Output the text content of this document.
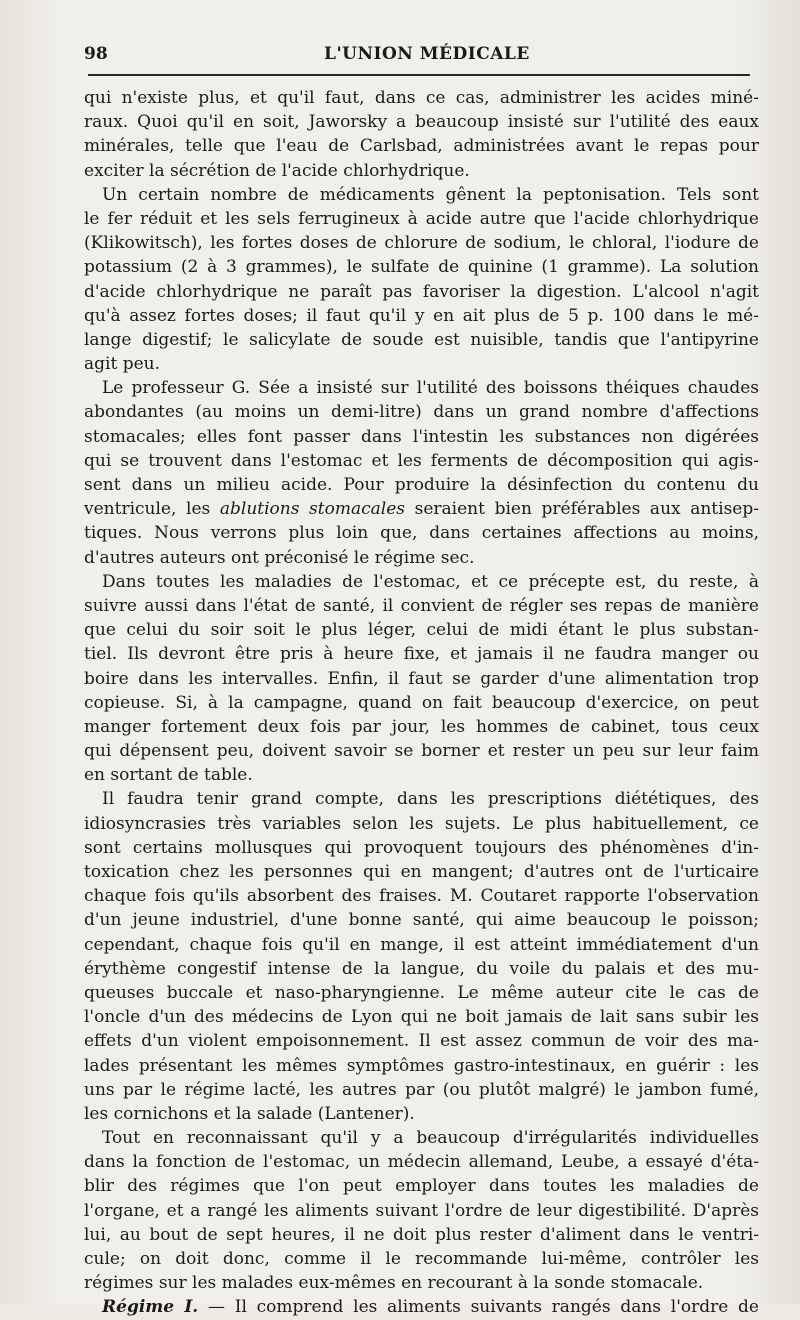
98	L'UNION MÉDICALE
qui n'existe plus, et qu'il faut, dans ce cas, administrer les acides miné-
raux. Quoi qu'il en soit, Jaworsky a beaucoup insisté sur l'utilité des eaux
minérales, telle que l'eau de Carlsbad, administrées avant le repas pour
exciter la sécrétion de l'acide chlorhydrique.
Un certain nombre de médicaments gênent la peptonisation. Tels sont
le fer réduit et les sels ferrugineux à acide autre que l'acide chlorhydrique
(Klikowitsch), les fortes doses de chlorure de sodium, le chloral, l'iodure de
potassium (2 à 3 grammes), le sulfate de quinine (1 gramme). La solution
d'acide chlorhydrique ne paraît pas favoriser la digestion. L'alcool n'agit
qu'à assez fortes doses; il faut qu'il y en ait plus de 5 p. 100 dans le mé-
lange digestif; le salicylate de soude est nuisible, tandis que l'antipyrine
agit peu.
Le professeur G. Sée a insisté sur l'utilité des boissons théiques chaudes
abondantes (au moins un demi-litre) dans un grand nombre d'affections
stomacales; elles font passer dans l'intestin les substances non digérées
qui se trouvent dans l'estomac et les ferments de décomposition qui agis-
sent dans un milieu acide. Pour produire la désinfection du contenu du
ventricule, les ablutions stomacales seraient bien préférables aux antisep-
tiques. Nous verrons plus loin que, dans certaines affections au moins,
d'autres auteurs ont préconisé le régime sec.
Dans toutes les maladies de l'estomac, et ce précepte est, du reste, à
suivre aussi dans l'état de santé, il convient de régler ses repas de manière
que celui du soir soit le plus léger, celui de midi étant le plus substan-
tiel. Ils devront être pris à heure fixe, et jamais il ne faudra manger ou
boire dans les intervalles. Enfin, il faut se garder d'une alimentation trop
copieuse. Si, à la campagne, quand on fait beaucoup d'exercice, on peut
manger fortement deux fois par jour, les hommes de cabinet, tous ceux
qui dépensent peu, doivent savoir se borner et rester un peu sur leur faim
en sortant de table.
Il faudra tenir grand compte, dans les prescriptions diététiques, des
idiosyncrasies très variables selon les sujets. Le plus habituellement, ce
sont certains mollusques qui provoquent toujours des phénomènes d'in-
toxication chez les personnes qui en mangent; d'autres ont de l'urticaire
chaque fois qu'ils absorbent des fraises. M. Coutaret rapporte l'observation
d'un jeune industriel, d'une bonne santé, qui aime beaucoup le poisson;
cependant, chaque fois qu'il en mange, il est atteint immédiatement d'un
érythème congestif intense de la langue, du voile du palais et des mu-
queuses buccale et naso-pharyngienne. Le même auteur cite le cas de
l'oncle d'un des médecins de Lyon qui ne boit jamais de lait sans subir les
effets d'un violent empoisonnement. Il est assez commun de voir des ma-
lades présentant les mêmes symptômes gastro-intestinaux, en guérir : les
uns par le régime lacté, les autres par (ou plutôt malgré) le jambon fumé,
les cornichons et la salade (Lantener).
Tout en reconnaissant qu'il y a beaucoup d'irrégularités individuelles
dans la fonction de l'estomac, un médecin allemand, Leube, a essayé d'éta-
blir des régimes que l'on peut employer dans toutes les maladies de
l'organe, et a rangé les aliments suivant l'ordre de leur digestibilité. D'après
lui, au bout de sept heures, il ne doit plus rester d'aliment dans le ventri-
cule; on doit donc, comme il le recommande lui-même, contrôler les
régimes sur les malades eux-mêmes en recourant à la sonde stomacale.
Régime I. — Il comprend les aliments suivants rangés dans l'ordre de
